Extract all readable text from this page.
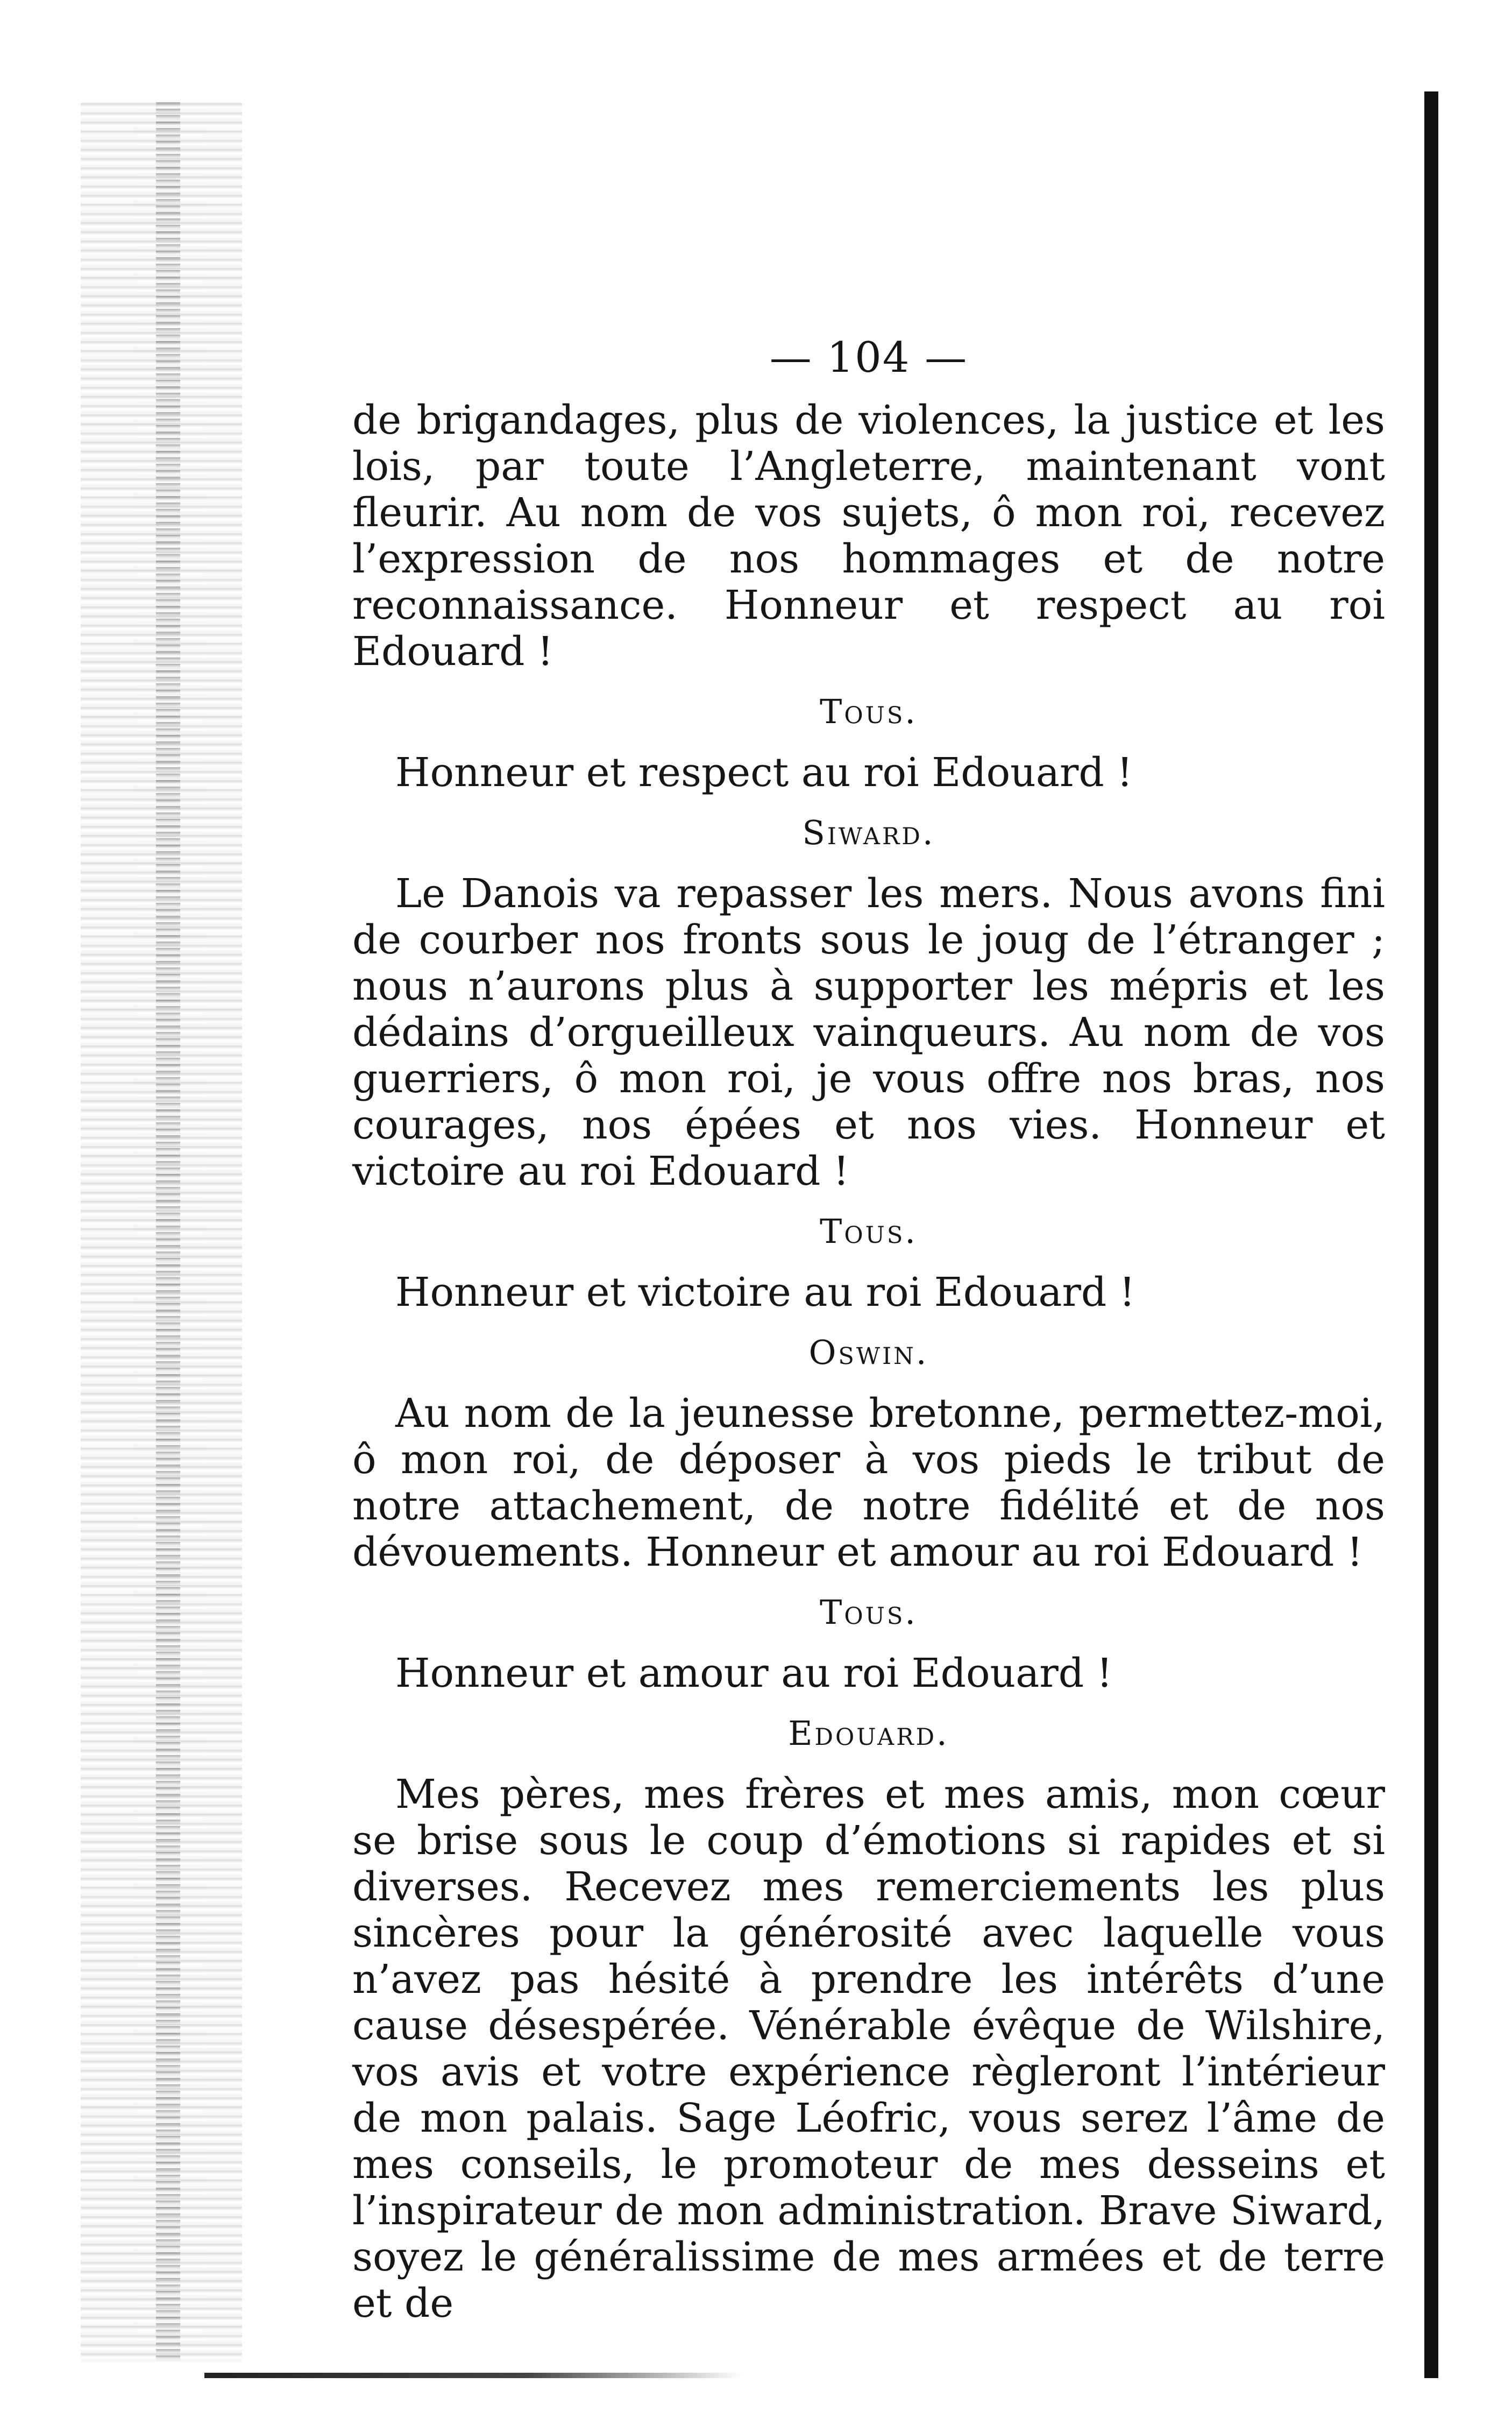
— 104 —

de brigandages, plus de violences, la justice et les lois, par toute l’Angleterre, maintenant vont fleurir. Au nom de vos sujets, ô mon roi, recevez l’expression de nos hommages et de notre reconnaissance. Honneur et respect au roi Edouard !

Tous.

Honneur et respect au roi Edouard !

Siward.

Le Danois va repasser les mers. Nous avons fini de courber nos fronts sous le joug de l’étranger ; nous n’aurons plus à supporter les mépris et les dédains d’orgueilleux vainqueurs. Au nom de vos guerriers, ô mon roi, je vous offre nos bras, nos courages, nos épées et nos vies. Honneur et victoire au roi Edouard !

Tous.

Honneur et victoire au roi Edouard !

Oswin.

Au nom de la jeunesse bretonne, permettez-moi, ô mon roi, de déposer à vos pieds le tribut de notre attachement, de notre fidélité et de nos dévouements. Honneur et amour au roi Edouard !

Tous.

Honneur et amour au roi Edouard !

Edouard.

Mes pères, mes frères et mes amis, mon cœur se brise sous le coup d’émotions si rapides et si diverses. Recevez mes remerciements les plus sincères pour la générosité avec laquelle vous n’avez pas hésité à prendre les intérêts d’une cause désespérée. Vénérable évêque de Wilshire, vos avis et votre expérience règleront l’intérieur de mon palais. Sage Léofric, vous serez l’âme de mes conseils, le promoteur de mes desseins et l’inspirateur de mon administration. Brave Siward, soyez le généralissime de mes armées et de terre et de
